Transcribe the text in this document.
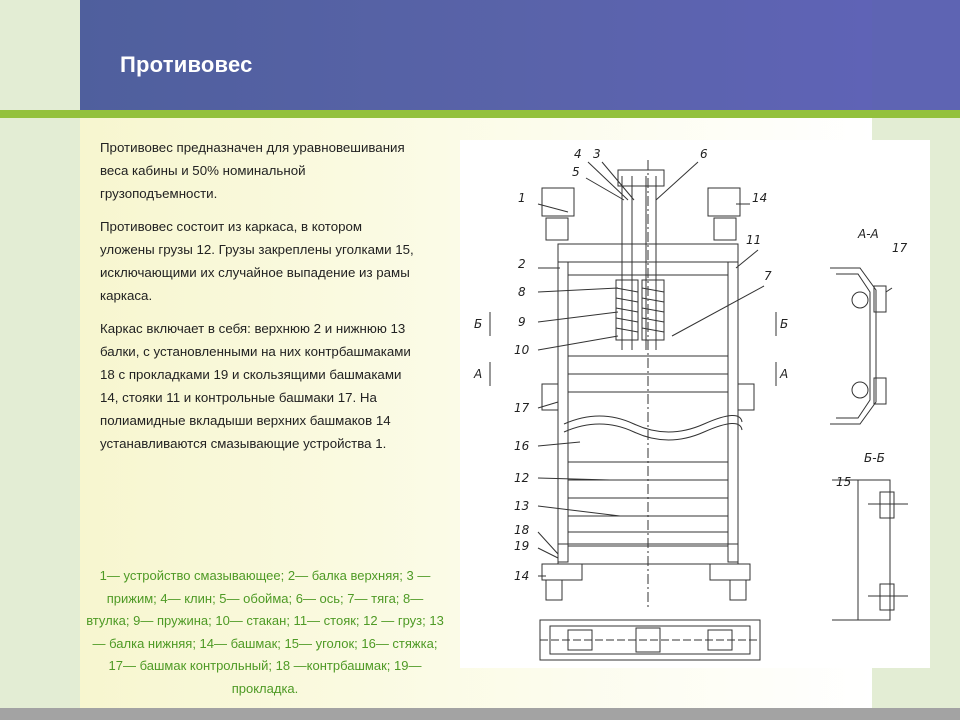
Противовес

Противовес предназначен для уравновешивания веса кабины и 50% номинальной грузоподъемности.

Противовес состоит из каркаса, в котором уложены грузы 12. Грузы закреплены уголками 15, исключающими их случайное выпадение из рамы каркаса.

Каркас включает в себя: верхнюю 2 и нижнюю 13 балки, с установленными на них контрбашмаками 18 с прокладками 19 и скользящими башмаками 14, стояки 11 и контрольные башмаки 17. На полиамидные вкладыши верхних башмаков 14 устанавливаются смазывающие устройства 1.

1— устройство смазывающее; 2— балка верхняя; 3 — прижим; 4— клин; 5— обойма; 6— ось; 7— тяга; 8— втулка; 9— пружина; 10— стакан; 11— стояк; 12 — груз; 13— балка нижняя; 14— башмак; 15— уголок; 16— стяжка; 17— башмак контрольный; 18 —контрбашмак; 19— прокладка.

4 3	6
5
1	14
2
11
8
7
9
10
Б	Б
А	А
17
16
12
13
18
19
14
А-А
17
Б-Б
15
